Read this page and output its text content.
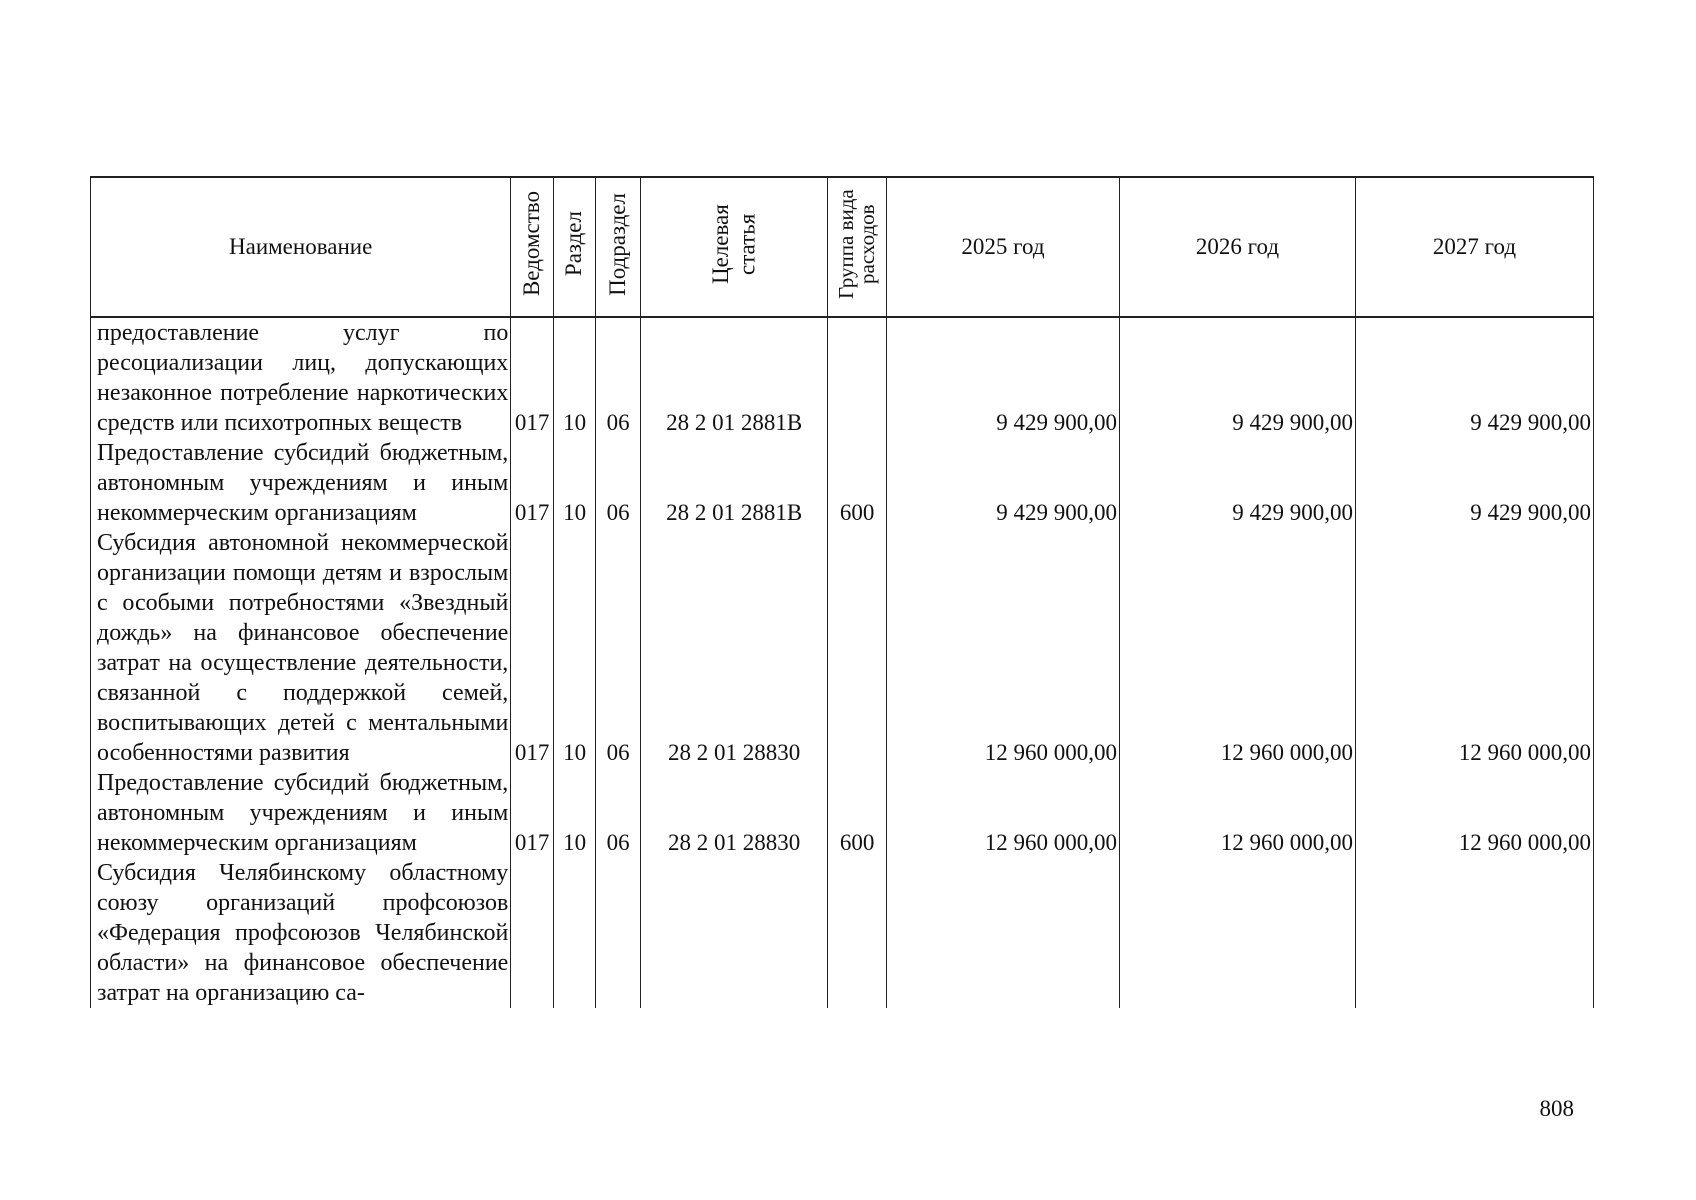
Наименование	Ведомство	Раздел	Подраздел	Целевая статья	Группа вида расходов	2025 год	2026 год	2027 год
предоставление услуг по ресоциализации лиц, допускающих незаконное потребление наркотических средств или психотропных веществ	017	10	06	28 2 01 2881В		9 429 900,00	9 429 900,00	9 429 900,00
Предоставление субсидий бюджетным, автономным учреждениям и иным некоммерческим организациям	017	10	06	28 2 01 2881В	600	9 429 900,00	9 429 900,00	9 429 900,00
Субсидия автономной некоммерческой организации помощи детям и взрослым с особыми потребностями «Звездный дождь» на финансовое обеспечение затрат на осуществление деятельности, связанной с поддержкой семей, воспитывающих детей с ментальными особенностями развития	017	10	06	28 2 01 28830		12 960 000,00	12 960 000,00	12 960 000,00
Предоставление субсидий бюджетным, автономным учреждениям и иным некоммерческим организациям	017	10	06	28 2 01 28830	600	12 960 000,00	12 960 000,00	12 960 000,00
Субсидия Челябинскому областному союзу организаций профсоюзов «Федерация профсоюзов Челябинской области» на финансовое обеспечение затрат на организацию са-								
808
